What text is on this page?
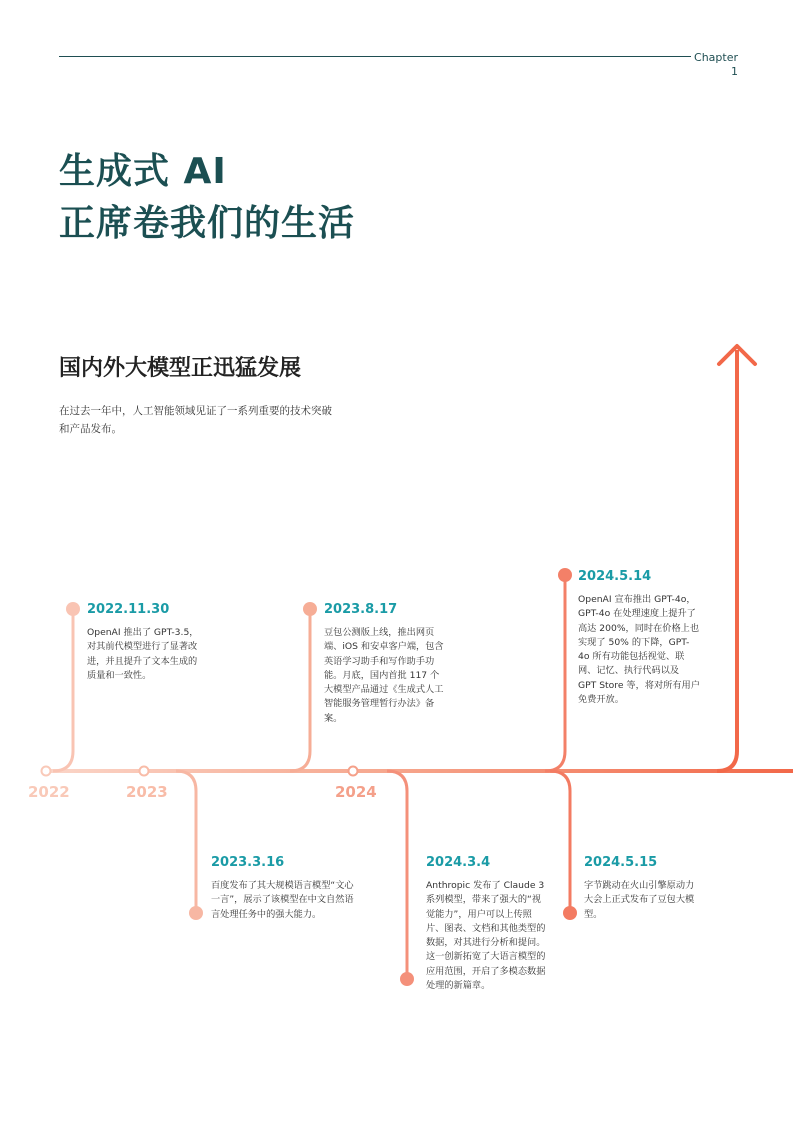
Chapter
1
生成式 AI
正席卷我们的生活
国内外大模型正迅猛发展
在过去一年中，人工智能领域见证了一系列重要的技术突破和产品发布。
2022	2023	2024
2022.11.30
OpenAI 推出了 GPT-3.5，对其前代模型进行了显著改进，并且提升了文本生成的质量和一致性。
2023.3.16
百度发布了其大规模语言模型“文心一言”，展示了该模型在中文自然语言处理任务中的强大能力。
2023.8.17
豆包公测版上线，推出网页端、iOS 和安卓客户端，包含英语学习助手和写作助手功能。月底，国内首批 117 个大模型产品通过《生成式人工智能服务管理暂行办法》备案。
2024.3.4
Anthropic 发布了 Claude 3 系列模型，带来了强大的“视觉能力”，用户可以上传照片、图表、文档和其他类型的数据，对其进行分析和提问。这一创新拓宽了大语言模型的应用范围，开启了多模态数据处理的新篇章。
2024.5.14
OpenAI 宣布推出 GPT-4o，GPT-4o 在处理速度上提升了高达 200%，同时在价格上也实现了 50% 的下降，GPT-4o 所有功能包括视觉、联网、记忆、执行代码以及 GPT Store 等，将对所有用户免费开放。
2024.5.15
字节跳动在火山引擎原动力大会上正式发布了豆包大模型。
